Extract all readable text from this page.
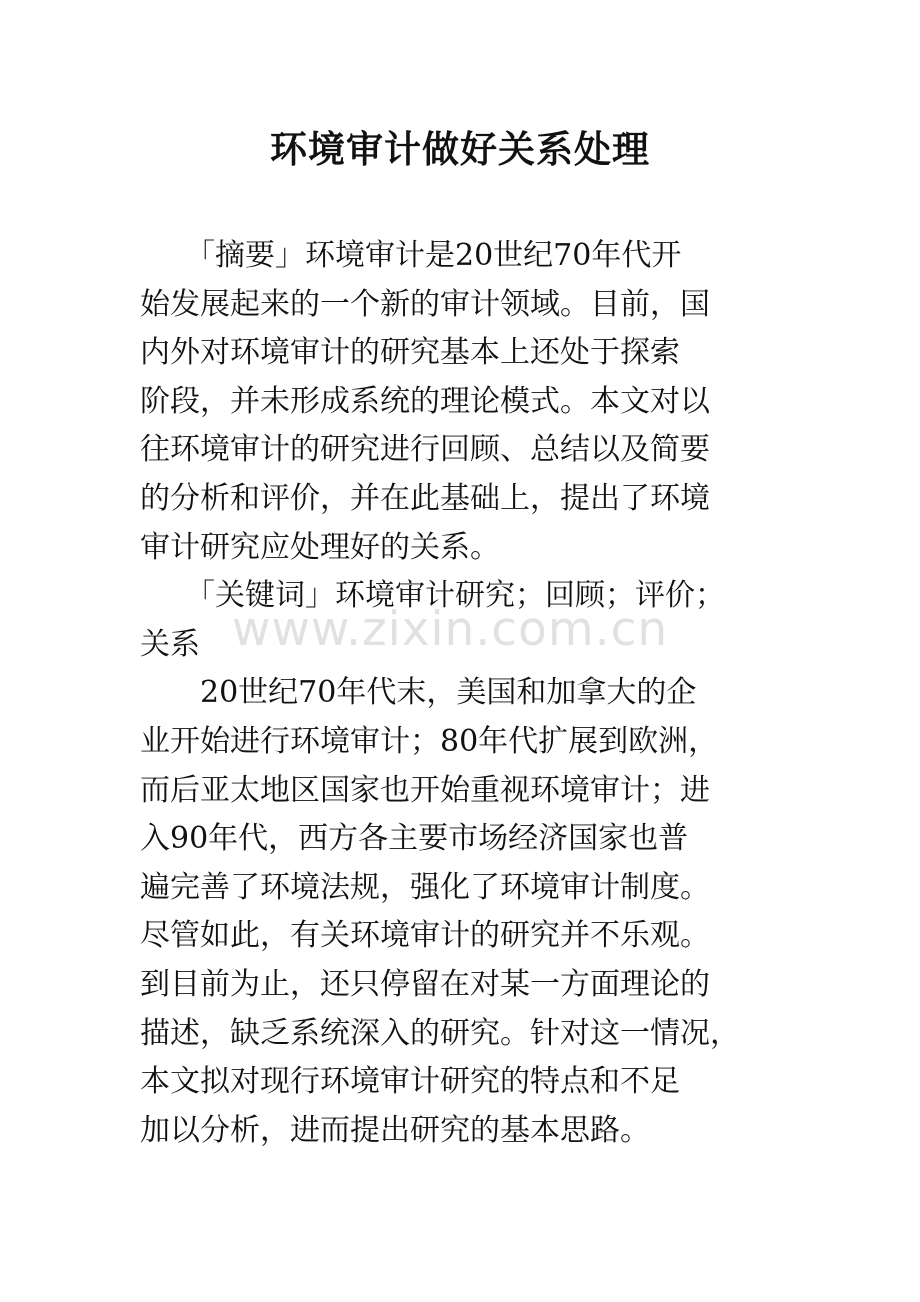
环境审计做好关系处理
　　「摘要」环境审计是20世纪70年代开
始发展起来的一个新的审计领域。目前，国
内外对环境审计的研究基本上还处于探索
阶段，并未形成系统的理论模式。本文对以
往环境审计的研究进行回顾、总结以及简要
的分析和评价，并在此基础上，提出了环境
审计研究应处理好的关系。
　　「关键词」环境审计研究；回顾；评价；
关系
　　20世纪70年代末，美国和加拿大的企
业开始进行环境审计；80年代扩展到欧洲，
而后亚太地区国家也开始重视环境审计；进
入90年代，西方各主要市场经济国家也普
遍完善了环境法规，强化了环境审计制度。
尽管如此，有关环境审计的研究并不乐观。
到目前为止，还只停留在对某一方面理论的
描述，缺乏系统深入的研究。针对这一情况，
本文拟对现行环境审计研究的特点和不足
加以分析，进而提出研究的基本思路。
www.zixin.com.cn
